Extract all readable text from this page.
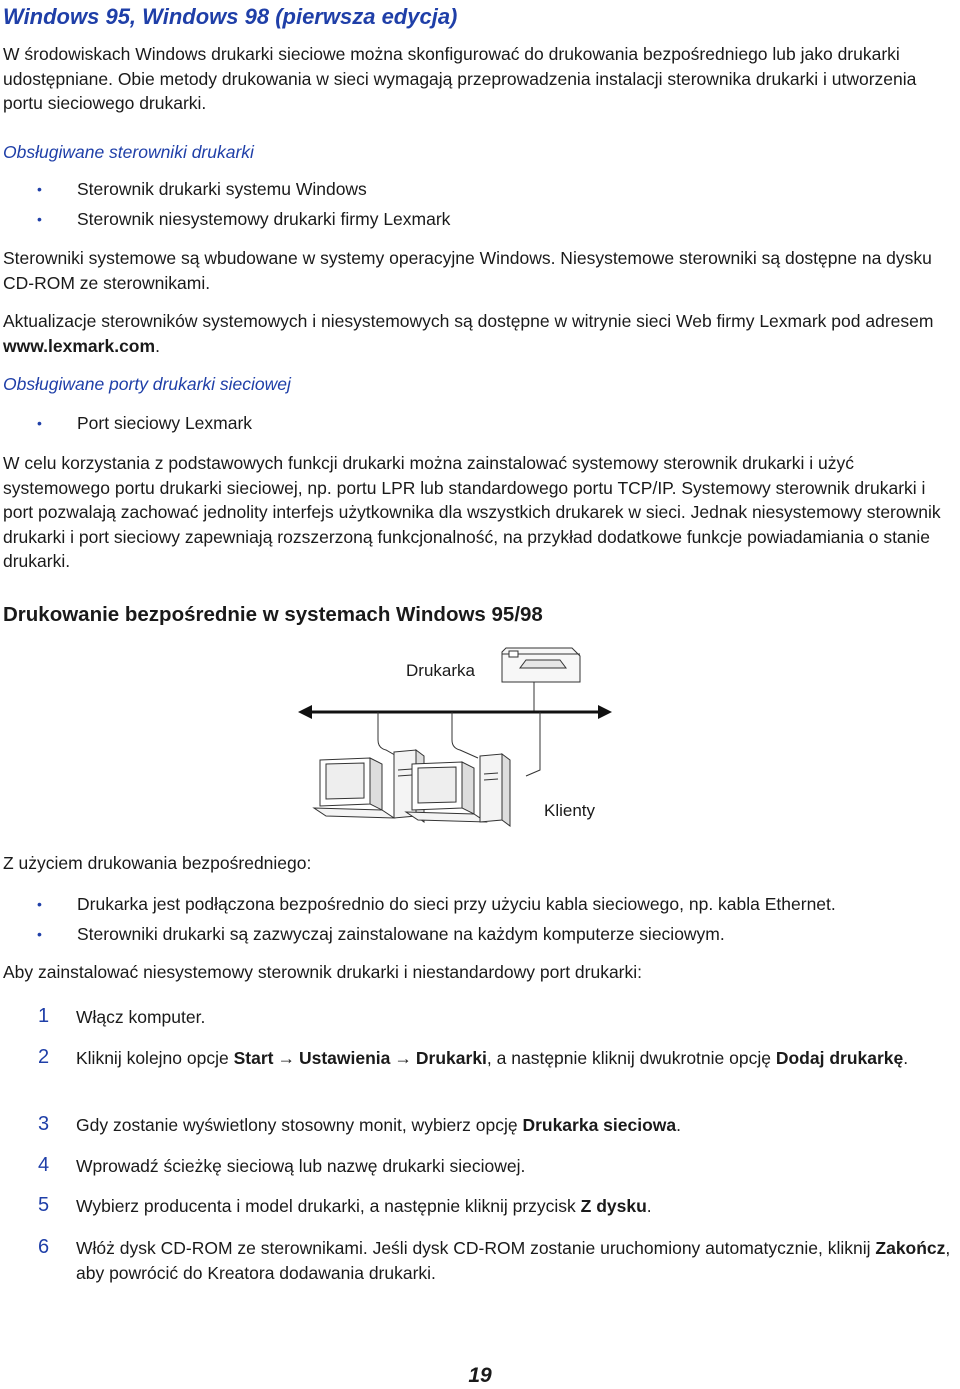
Windows 95, Windows 98 (pierwsza edycja)

W środowiskach Windows drukarki sieciowe można skonfigurować do drukowania bezpośredniego lub jako drukarki udostępniane. Obie metody drukowania w sieci wymagają przeprowadzenia instalacji sterownika drukarki i utworzenia portu sieciowego drukarki.

Obsługiwane sterowniki drukarki

• Sterownik drukarki systemu Windows
• Sterownik niesystemowy drukarki firmy Lexmark

Sterowniki systemowe są wbudowane w systemy operacyjne Windows. Niesystemowe sterowniki są dostępne na dysku CD-ROM ze sterownikami.

Aktualizacje sterowników systemowych i niesystemowych są dostępne w witrynie sieci Web firmy Lexmark pod adresem www.lexmark.com.

Obsługiwane porty drukarki sieciowej

• Port sieciowy Lexmark

W celu korzystania z podstawowych funkcji drukarki można zainstalować systemowy sterownik drukarki i użyć systemowego portu drukarki sieciowej, np. portu LPR lub standardowego portu TCP/IP. Systemowy sterownik drukarki i port pozwalają zachować jednolity interfejs użytkownika dla wszystkich drukarek w sieci. Jednak niesystemowy sterownik drukarki i port sieciowy zapewniają rozszerzoną funkcjonalność, na przykład dodatkowe funkcje powiadamiania o stanie drukarki.

Drukowanie bezpośrednie w systemach Windows 95/98
Drukarka
Klienty

Z użyciem drukowania bezpośredniego:

• Drukarka jest podłączona bezpośrednio do sieci przy użyciu kabla sieciowego, np. kabla Ethernet.
• Sterowniki drukarki są zazwyczaj zainstalowane na każdym komputerze sieciowym.

Aby zainstalować niesystemowy sterownik drukarki i niestandardowy port drukarki:

1 Włącz komputer.
2 Kliknij kolejno opcje Start → Ustawienia → Drukarki, a następnie kliknij dwukrotnie opcję Dodaj drukarkę.
3 Gdy zostanie wyświetlony stosowny monit, wybierz opcję Drukarka sieciowa.
4 Wprowadź ścieżkę sieciową lub nazwę drukarki sieciowej.
5 Wybierz producenta i model drukarki, a następnie kliknij przycisk Z dysku.
6 Włóż dysk CD-ROM ze sterownikami. Jeśli dysk CD-ROM zostanie uruchomiony automatycznie, kliknij Zakończ, aby powrócić do Kreatora dodawania drukarki.
19
